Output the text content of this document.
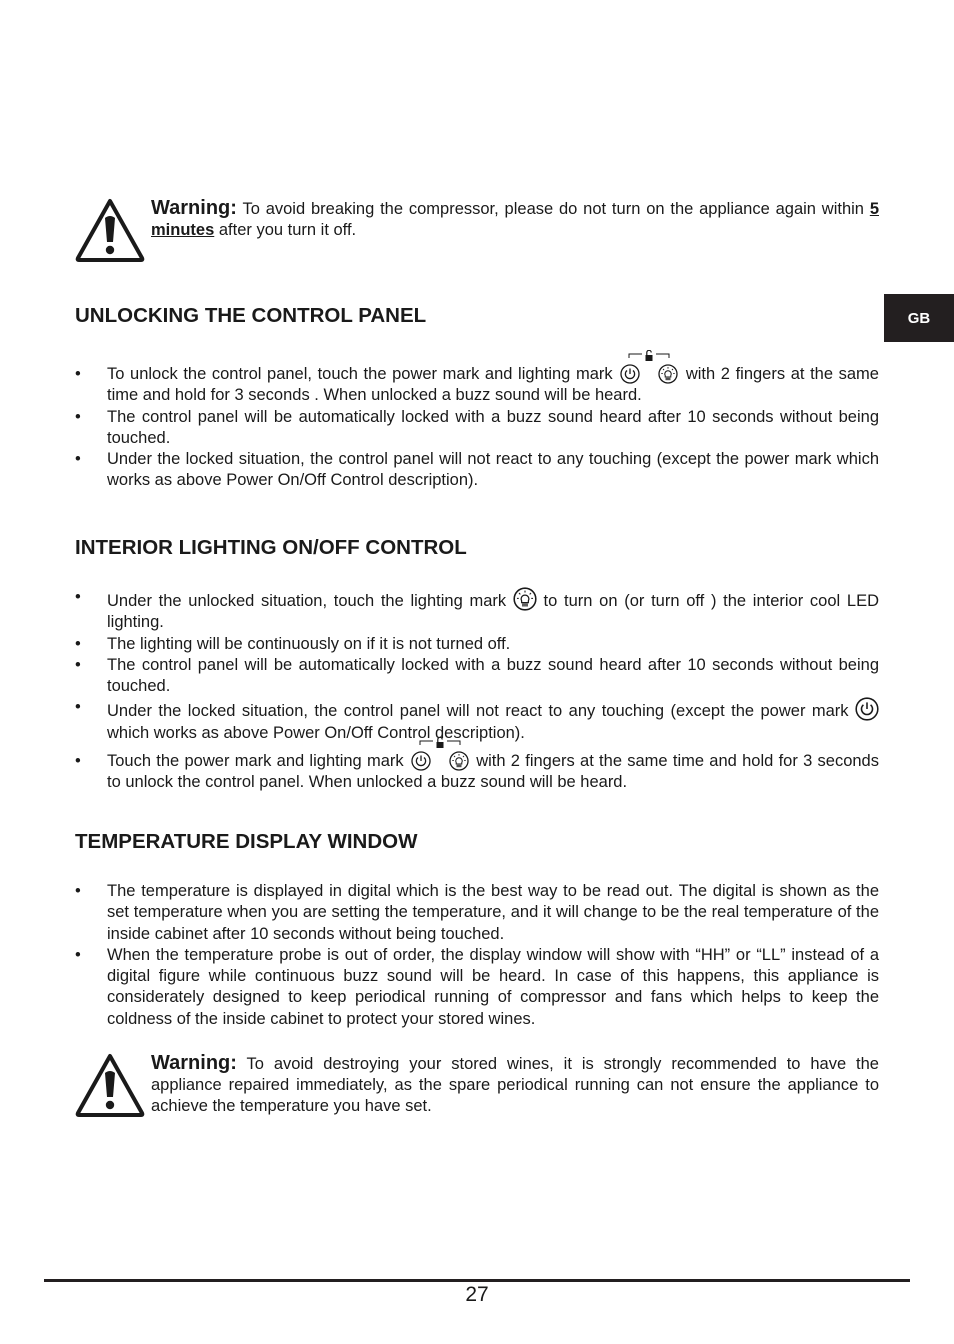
GB
Warning: To avoid breaking the compressor, please do not turn on the appliance again within 5 minutes after you turn it off.
UNLOCKING THE CONTROL PANEL
• To unlock the control panel, touch the power mark and lighting mark	with 2 fingers at the same time and hold for 3 seconds . When unlocked a buzz sound will be heard.
• The control panel will be automatically locked with a buzz sound heard after 10 seconds without being touched.
• Under the locked situation, the control panel will not react to any touching (except the power mark which works as above Power On/Off Control description).
INTERIOR LIGHTING ON/OFF CONTROL
• Under the unlocked situation, touch the lighting mark
to turn on (or turn off ) the interior cool LED lighting.
• The lighting will be continuously on if it is not turned off.
• The control panel will be automatically locked with a buzz sound heard after 10 seconds without being touched.
• Under the locked situation, the control panel will not react to any touching (except the power mark
which works as above Power On/Off Control description).
• Touch the power mark and lighting mark	with 2 fingers at the same time and hold for 3 seconds to unlock the control panel. When unlocked a buzz sound will be heard.
TEMPERATURE DISPLAY WINDOW
• The temperature is displayed in digital which is the best way to be read out. The digital is shown as the set temperature when you are setting the temperature, and it will change to be the real temperature of the inside cabinet after 10 seconds without being touched.
• When the temperature probe is out of order, the display window will show with “HH” or “LL” instead of a digital figure while continuous buzz sound will be heard. In case of this happens, this appliance is considerately designed to keep periodical running of compressor and fans which helps to keep the coldness of the inside cabinet to protect your stored wines.
Warning: To avoid destroying your stored wines, it is strongly recommended to have the appliance repaired immediately, as the spare periodical running can not ensure the appliance to achieve the temperature you have set.
27
